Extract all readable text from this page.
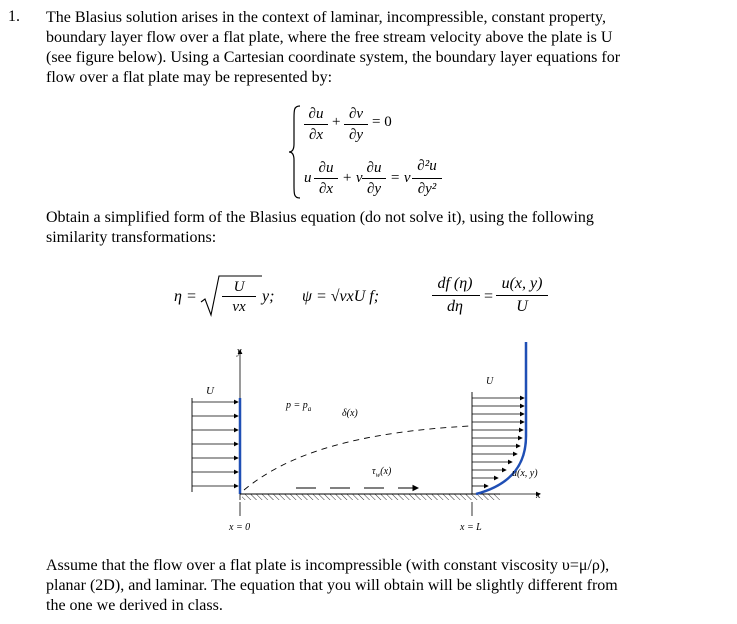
1. The Blasius solution arises in the context of laminar, incompressible, constant property,
boundary layer flow over a flat plate, where the free stream velocity above the plate is U
(see figure below). Using a Cartesian coordinate system, the boundary layer equations for
flow over a flat plate may be represented by:
∂u
∂x
+ ∂v
∂y
= 0
u
∂u
∂x
+ v
∂u
∂y
= ν
∂²u
∂y²
Obtain a simplified form of the Blasius equation (do not solve it), using the following
similarity transformations:
η =
U
νx
y; ψ = √νxU f;
df (η)
dη
=
u(x, y)
U
y
U
$p = p_a$	δ(x)
$\tau_w(x)$
x
U
u(x, y)
x = 0	x = L
Assume that the flow over a flat plate is incompressible (with constant viscosity υ=μ/ρ),
planar (2D), and laminar. The equation that you will obtain will be slightly different from
the one we derived in class.
